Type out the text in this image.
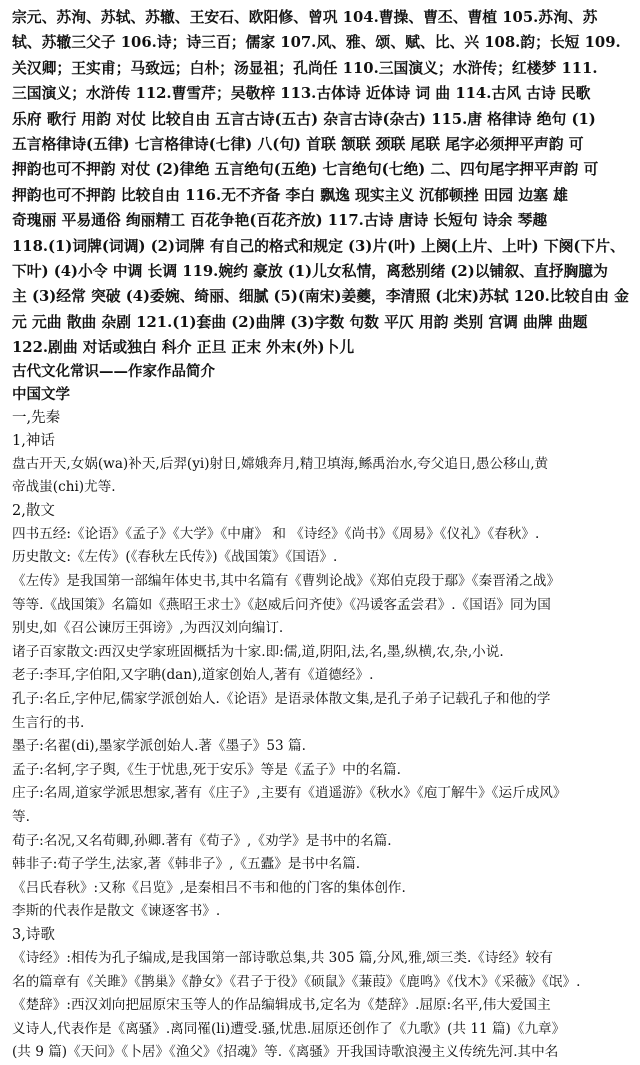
宗元、苏洵、苏轼、苏辙、王安石、欧阳修、曾巩 104.曹操、曹丕、曹植 105.苏洵、苏

轼、苏辙三父子 106.诗；诗三百；儒家 107.风、雅、颂、赋、比、兴 108.韵；长短 109.

关汉卿；王实甫；马致远；白朴；汤显祖；孔尚任 110.三国演义；水浒传；红楼梦 111.

三国演义；水浒传 112.曹雪芹；吴敬梓 113.古体诗 近体诗 词 曲 114.古风 古诗 民歌

乐府 歌行 用韵 对仗 比较自由 五言古诗(五古) 杂言古诗(杂古) 115.唐 格律诗 绝句 (1)

五言格律诗(五律) 七言格律诗(七律) 八(句) 首联 颔联 颈联 尾联 尾字必须押平声韵 可

押韵也可不押韵 对仗 (2)律绝 五言绝句(五绝) 七言绝句(七绝) 二、四句尾字押平声韵 可

押韵也可不押韵 比较自由 116.无不齐备 李白 飘逸 现实主义 沉郁顿挫 田园 边塞 雄

奇瑰丽 平易通俗 绚丽精工 百花争艳(百花齐放) 117.古诗 唐诗 长短句 诗余 琴趣

118.(1)词牌(词调) (2)词牌 有自己的格式和规定 (3)片(叶) 上阕(上片、上叶) 下阕(下片、

下叶) (4)小令 中调 长调 119.婉约 豪放 (1)儿女私情，离愁别绪 (2)以铺叙、直抒胸臆为

主 (3)经常 突破 (4)委婉、绮丽、细腻 (5)(南宋)姜夔，李清照 (北宋)苏轼 120.比较自由 金

元 元曲 散曲 杂剧 121.(1)套曲 (2)曲牌 (3)字数 句数 平仄 用韵 类别 宫调 曲牌 曲题

122.剧曲 对话或独白 科介 正旦 正末 外末(外)卜儿

古代文化常识——作家作品简介
中国文学
一,先秦
1,神话

盘古开天,女娲(wa)补天,后羿(yi)射日,嫦娥奔月,精卫填海,鲧禹治水,夸父追日,愚公移山,黄

帝战蚩(chi)尤等.

2,散文

四书五经:《论语》《孟子》《大学》《中庸》 和 《诗经》《尚书》《周易》《仪礼》《春秋》.

历史散文:《左传》(《春秋左氏传》)《战国策》《国语》.

《左传》是我国第一部编年体史书,其中名篇有《曹刿论战》《郑伯克段于鄢》《秦晋淆之战》

等等.《战国策》名篇如《燕昭王求士》《赵威后问齐使》《冯谖客孟尝君》.《国语》同为国

别史,如《召公谏厉王弭谤》,为西汉刘向编订.

诸子百家散文:西汉史学家班固概括为十家.即:儒,道,阴阳,法,名,墨,纵横,农,杂,小说.

老子:李耳,字伯阳,又字聃(dan),道家创始人,著有《道德经》.

孔子:名丘,字仲尼,儒家学派创始人.《论语》是语录体散文集,是孔子弟子记载孔子和他的学

生言行的书.

墨子:名翟(di),墨家学派创始人.著《墨子》53 篇.

孟子:名轲,字子舆,《生于忧患,死于安乐》等是《孟子》中的名篇.

庄子:名周,道家学派思想家,著有《庄子》,主要有《逍遥游》《秋水》《庖丁解牛》《运斤成风》

等.

荀子:名况,又名荀卿,孙卿.著有《荀子》,《劝学》是书中的名篇.

韩非子:荀子学生,法家,著《韩非子》,《五蠹》是书中名篇.

《吕氏春秋》:又称《吕览》,是秦相吕不韦和他的门客的集体创作.

李斯的代表作是散文《谏逐客书》.

3,诗歌

《诗经》:相传为孔子编成,是我国第一部诗歌总集,共 305 篇,分风,雅,颂三类.《诗经》较有

名的篇章有《关雎》《鹊巢》《静女》《君子于役》《硕鼠》《蒹葭》《鹿鸣》《伐木》《采薇》《氓》.

《楚辞》:西汉刘向把屈原宋玉等人的作品编辑成书,定名为《楚辞》.屈原:名平,伟大爱国主

义诗人,代表作是《离骚》.离同罹(li)遭受.骚,忧患.屈原还创作了《九歌》(共 11 篇)《九章》

(共 9 篇)《天问》《卜居》《渔父》《招魂》等.《离骚》开我国诗歌浪漫主义传统先河.其中名
